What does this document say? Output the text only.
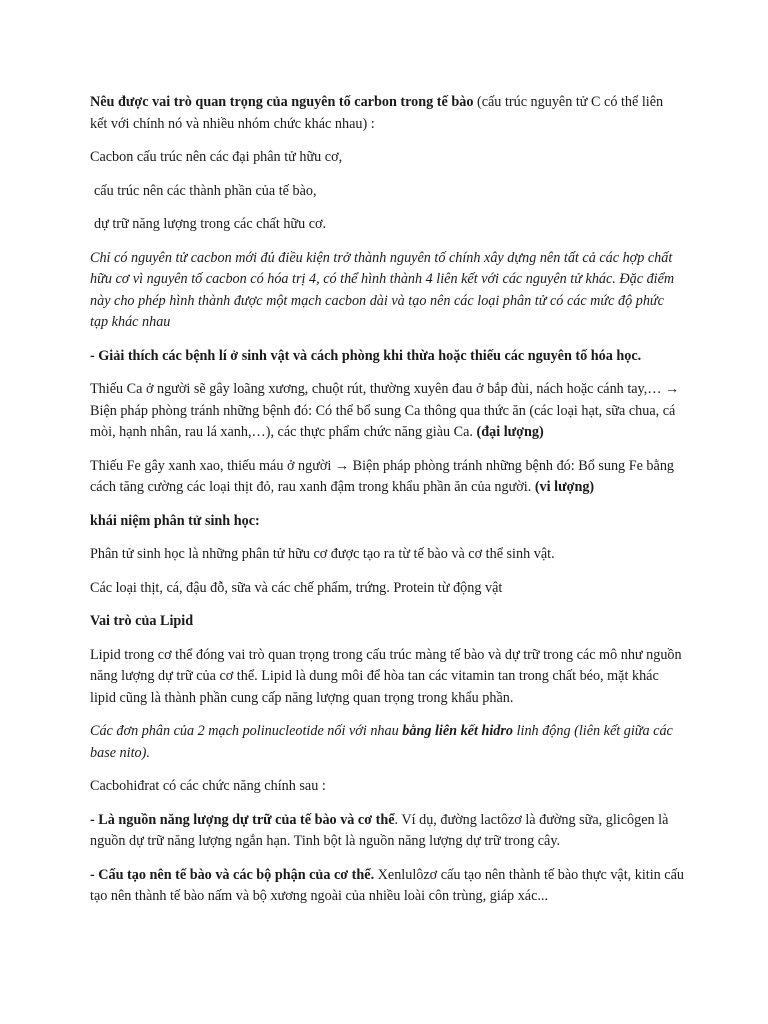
Nêu được vai trò quan trọng của nguyên tố carbon trong tế bào (cấu trúc nguyên tử C có thể liên kết với chính nó và nhiều nhóm chức khác nhau) :

Cacbon cấu trúc nên các đại phân tử hữu cơ,

cấu trúc nên các thành phần của tế bào,

dự trữ năng lượng trong các chất hữu cơ.

Chỉ có nguyên tử cacbon mới đủ điều kiện trở thành nguyên tố chính xây dựng nên tất cả các hợp chất hữu cơ vì nguyên tố cacbon có hóa trị 4, có thể hình thành 4 liên kết với các nguyên tử khác. Đặc điểm này cho phép hình thành được một mạch cacbon dài và tạo nên các loại phân tử có các mức độ phức tạp khác nhau

- Giải thích các bệnh lí ở sinh vật và cách phòng khi thừa hoặc thiếu các nguyên tố hóa học.

Thiếu Ca ở người sẽ gây loãng xương, chuột rút, thường xuyên đau ở bắp đùi, nách hoặc cánh tay,… → Biện pháp phòng tránh những bệnh đó: Có thể bổ sung Ca thông qua thức ăn (các loại hạt, sữa chua, cá mòi, hạnh nhân, rau lá xanh,…), các thực phẩm chức năng giàu Ca. (đại lượng)

Thiếu Fe gây xanh xao, thiếu máu ở người → Biện pháp phòng tránh những bệnh đó: Bổ sung Fe bằng cách tăng cường các loại thịt đỏ, rau xanh đậm trong khẩu phần ăn của người. (vi lượng)

khái niệm phân tử sinh học:

Phân tử sinh học là những phân tử hữu cơ được tạo ra từ tế bào và cơ thể sinh vật.

Các loại thịt, cá, đậu đỗ, sữa và các chế phẩm, trứng. Protein từ động vật

Vai trò của Lipid

Lipid trong cơ thể đóng vai trò quan trọng trong cấu trúc màng tế bào và dự trữ trong các mô như nguồn năng lượng dự trữ của cơ thể. Lipid là dung môi để hòa tan các vitamin tan trong chất béo, mặt khác lipid cũng là thành phần cung cấp năng lượng quan trọng trong khẩu phần.

Các đơn phân của 2 mạch polinucleotide nối với nhau bằng liên kết hidro linh động (liên kết giữa các base nito).

Cacbohiđrat có các chức năng chính sau :

- Là nguồn năng lượng dự trữ của tế bào và cơ thể. Ví dụ, đường lactôzơ là đường sữa, glicôgen là nguồn dự trữ năng lượng ngắn hạn. Tinh bột là nguồn năng lượng dự trữ trong cây.

- Cấu tạo nên tế bào và các bộ phận của cơ thể. Xenlulôzơ cấu tạo nên thành tế bào thực vật, kitin cấu tạo nên thành tế bào nấm và bộ xương ngoài của nhiều loài côn trùng, giáp xác...
